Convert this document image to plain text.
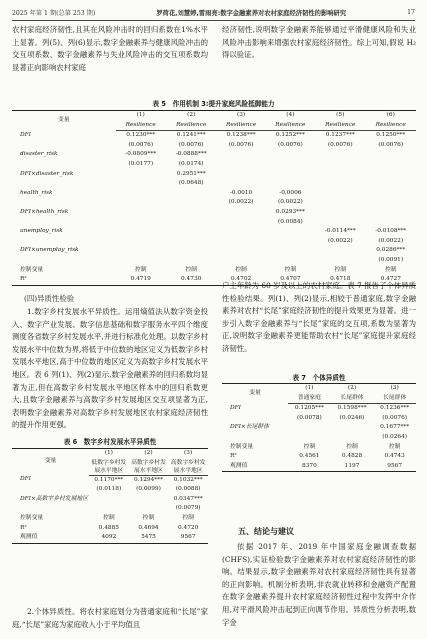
2025 年第 1 期(总第 253 期)	罗荷花,刘慧婷,雷雨亮:数字金融素养对农村家庭经济韧性的影响研究	17

农村家庭经济韧性,且其在风险冲击时的回归系数在1%水平上显著。列(5)、列(6)显示,数字金融素养与健康风险冲击的交互项系数、数字金融素养与失业风险冲击的交互项系数均显著正向影响农村家庭

经济韧性,说明数字金融素养能够通过平滑健康风险和失业风险冲击影响来增强农村家庭经济韧性。综上可知,假说 H₂得以验证。

表 5　作用机制 3:提升家庭风险抵御能力
变量	(1)	(2)	(3)	(4)	(5)	(6)
	Resilience	Resilience	Resilience	Resilience	Resilience	Resilience
DFI	0.1230***	0.1241***	0.1238***	0.1252***	0.1237***	0.1250***
	(0.0076)	(0.0076)	(0.0076)	(0.0076)	(0.0076)	(0.0076)
disaster_risk	-0.0809***	-0.0888***				
	(0.0177)	(0.0174)				
DFI×disaster_risk		0.2951***				
		(0.0648)				
health_risk			-0.0010	-0.0006		
			(0.0022)	(0.0022)		
DFI×health_risk				0.0293***		
				(0.0084)		
unemploy_risk					-0.0114***	-0.0108***
					(0.0022)	(0.0022)
DFI×unemploy_risk						0.0286***
						(0.0091)
控制变量	控制	控制	控制	控制	控制	控制
R²	0.4719	0.4730	0.4702	0.4707	0.4718	0.4727
(四)异质性检验

1.数字乡村发展水平异质性。运用熵值法从数字资金投入、数字产业发展、数字信息基础和数字服务水平四个维度测度各省数字乡村发展水平,并进行标准化处理。以数字乡村发展水平中位数为界,将低于中位数的地区定义为低数字乡村发展水平地区,高于中位数的地区定义为高数字乡村发展水平地区。表 6 列(1)、列(2)显示,数字金融素养的回归系数均显著为正,但在高数字乡村发展水平地区样本中的回归系数更大,且数字金融素养与高数字乡村发展地区交互项显著为正,表明数字金融素养对高数字乡村发展地区农村家庭经济韧性的提升作用更强。

表 6　数字乡村发展水平异质性
变量	(1)	(2)	(3)
	低数字乡村发展水平地区	高数字乡村发展水平地区	高数字乡村发展水平地区
DFI	0.1170***	0.1294***	0.1032***
	(0.0118)	(0.0099)	(0.0088)
DFI×高数字乡村发展地区			0.0347***
			(0.0079)
控制变量	控制	控制	控制
R²	0.4885	0.4694	0.4720
观测值	4092	5475	9567

2.个体异质性。将农村家庭划分为普通家庭和“长尾”家庭,“长尾”家庭为家庭收入小于平均值且

户主年龄为 60 岁及以上的农村家庭。表 7 报告了个体异质性检验结果。列(1)、列(2)显示,相较于普通家庭,数字金融素养对农村“长尾”家庭经济韧性的提升效果更为显著。进一步引入数字金融素养与“长尾”家庭的交互项,系数为显著为正,说明数字金融素养更能帮助农村“长尾”家庭提升家庭经济韧性。

表 7　个体异质性
变量	(1)	(2)	(3)
	普通家庭	长尾群体	长尾群体
DFI	0.1205***	0.1598***	0.1236***
	(0.0078)	(0.0246)	(0.0076)
DFI×长尾群体			0.1677***
			(0.0264)
控制变量	控制	控制	控制
R²	0.4561	0.4828	0.4743
观测值	8370	1197	9567
五、结论与建议

依据 2017 年、2019 年中国家庭金融调查数据(CHFS),实证检验数字金融素养对农村家庭经济韧性的影响。结果显示,数字金融素养对农村家庭经济韧性具有显著的正向影响。机制分析表明,非农就业转移和金融资产配置在数字金融素养提升农村家庭经济韧性过程中发挥中介作用,对平滑风险冲击起到正向调节作用。异质性分析表明,数字金
